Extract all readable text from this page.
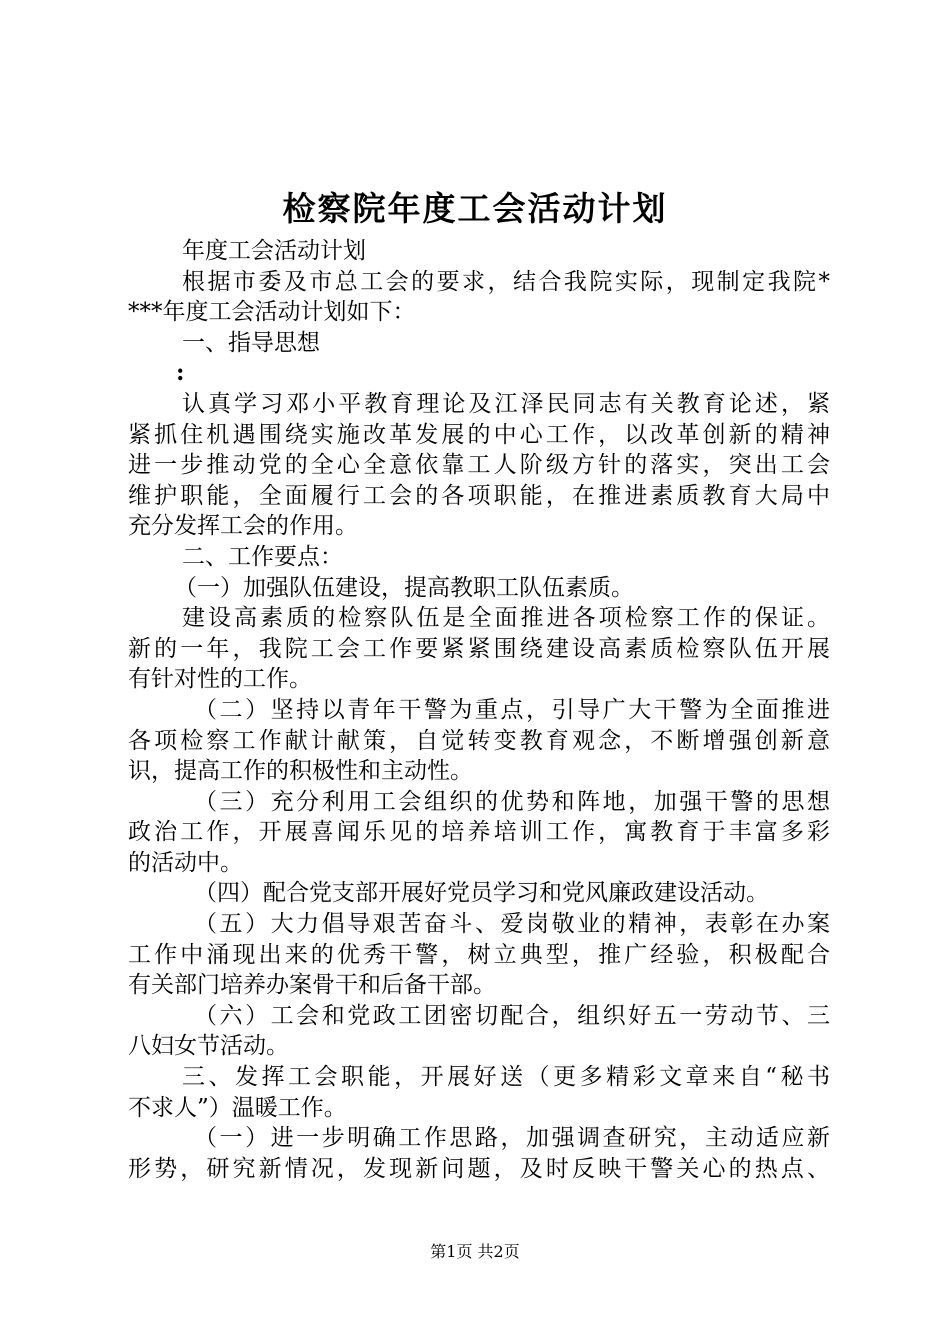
检察院年度工会活动计划
年度工会活动计划
根据市委及市总工会的要求，结合我院实际，现制定我院*
***年度工会活动计划如下：
一、指导思想
:
认真学习邓小平教育理论及江泽民同志有关教育论述，紧
紧抓住机遇围绕实施改革发展的中心工作，以改革创新的精神
进一步推动党的全心全意依靠工人阶级方针的落实，突出工会
维护职能，全面履行工会的各项职能，在推进素质教育大局中
充分发挥工会的作用。
二、工作要点：
（一）加强队伍建设，提高教职工队伍素质。
建设高素质的检察队伍是全面推进各项检察工作的保证。
新的一年，我院工会工作要紧紧围绕建设高素质检察队伍开展
有针对性的工作。
（二）坚持以青年干警为重点，引导广大干警为全面推进
各项检察工作献计献策，自觉转变教育观念，不断增强创新意
识，提高工作的积极性和主动性。
（三）充分利用工会组织的优势和阵地，加强干警的思想
政治工作，开展喜闻乐见的培养培训工作，寓教育于丰富多彩
的活动中。
（四）配合党支部开展好党员学习和党风廉政建设活动。
（五）大力倡导艰苦奋斗、爱岗敬业的精神，表彰在办案
工作中涌现出来的优秀干警，树立典型，推广经验，积极配合
有关部门培养办案骨干和后备干部。
（六）工会和党政工团密切配合，组织好五一劳动节、三
八妇女节活动。
三、发挥工会职能，开展好送（更多精彩文章来自“秘书
不求人”）温暖工作。
（一）进一步明确工作思路，加强调查研究，主动适应新
形势，研究新情况，发现新问题，及时反映干警关心的热点、
第1页 共2页
